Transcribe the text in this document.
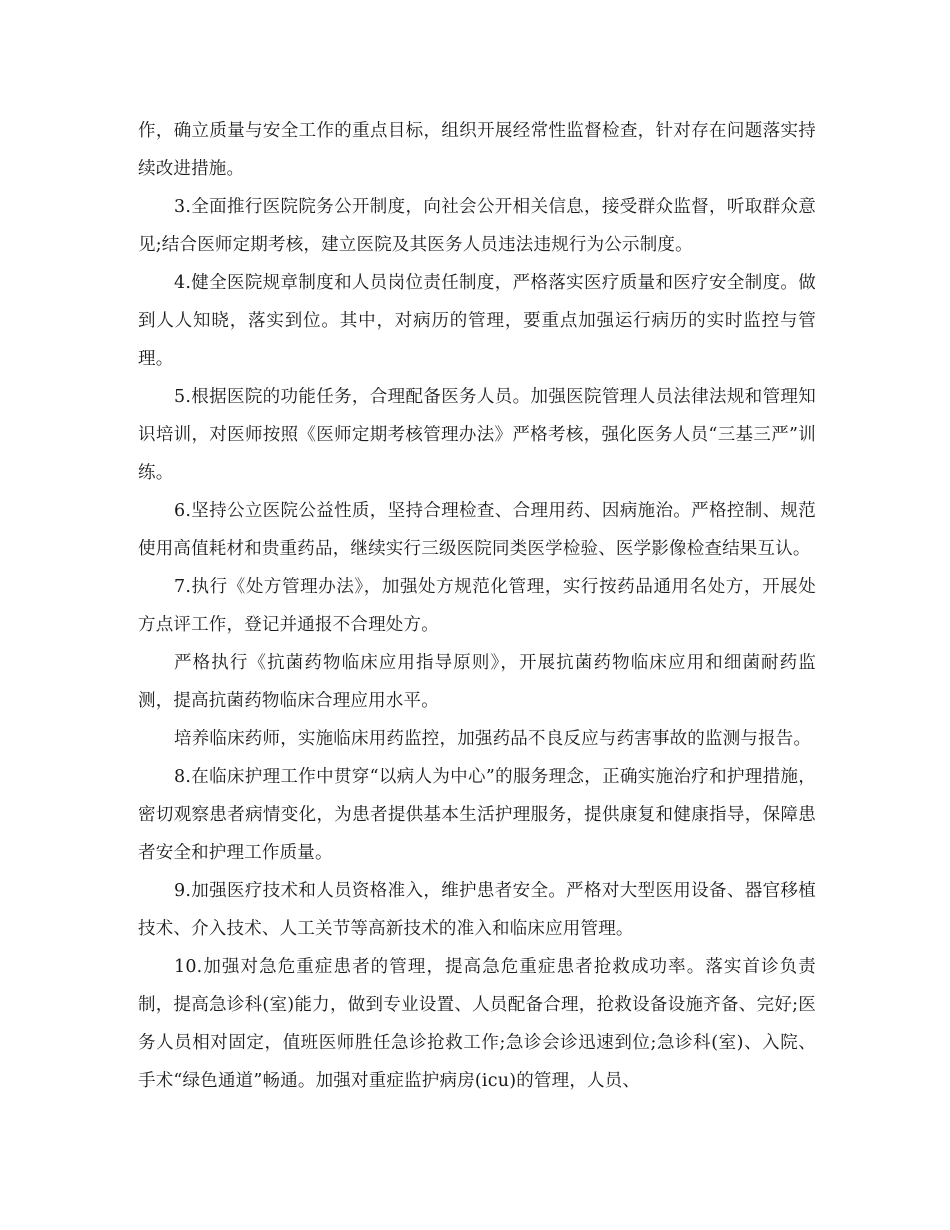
作，确立质量与安全工作的重点目标，组织开展经常性监督检查，针对存在问题落实持续改进措施。

3.全面推行医院院务公开制度，向社会公开相关信息，接受群众监督，听取群众意见;结合医师定期考核，建立医院及其医务人员违法违规行为公示制度。

4.健全医院规章制度和人员岗位责任制度，严格落实医疗质量和医疗安全制度。做到人人知晓，落实到位。其中，对病历的管理，要重点加强运行病历的实时监控与管理。

5.根据医院的功能任务，合理配备医务人员。加强医院管理人员法律法规和管理知识培训，对医师按照《医师定期考核管理办法》严格考核，强化医务人员“三基三严”训练。

6.坚持公立医院公益性质，坚持合理检查、合理用药、因病施治。严格控制、规范使用高值耗材和贵重药品，继续实行三级医院同类医学检验、医学影像检查结果互认。

7.执行《处方管理办法》，加强处方规范化管理，实行按药品通用名处方，开展处方点评工作，登记并通报不合理处方。

严格执行《抗菌药物临床应用指导原则》，开展抗菌药物临床应用和细菌耐药监测，提高抗菌药物临床合理应用水平。

培养临床药师，实施临床用药监控，加强药品不良反应与药害事故的监测与报告。

8.在临床护理工作中贯穿“以病人为中心”的服务理念，正确实施治疗和护理措施，密切观察患者病情变化，为患者提供基本生活护理服务，提供康复和健康指导，保障患者安全和护理工作质量。

9.加强医疗技术和人员资格准入，维护患者安全。严格对大型医用设备、器官移植技术、介入技术、人工关节等高新技术的准入和临床应用管理。

10.加强对急危重症患者的管理，提高急危重症患者抢救成功率。落实首诊负责制，提高急诊科(室)能力，做到专业设置、人员配备合理，抢救设备设施齐备、完好;医务人员相对固定，值班医师胜任急诊抢救工作;急诊会诊迅速到位;急诊科(室)、入院、手术“绿色通道”畅通。加强对重症监护病房(icu)的管理，人员、
